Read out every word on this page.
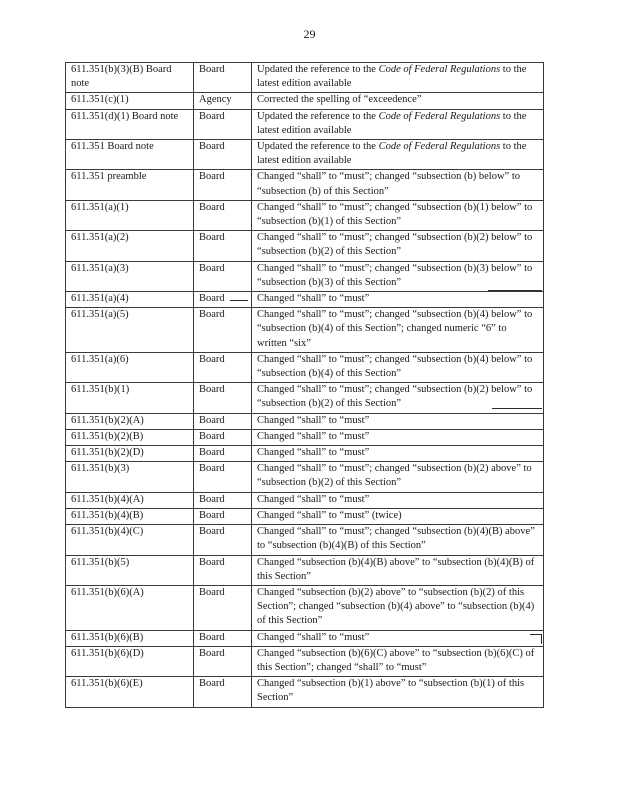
29
611.351(b)(3)(B) Board note	Board	Updated the reference to the Code of Federal Regulations to the latest edition available
611.351(c)(1)	Agency	Corrected the spelling of “exceedence”
611.351(d)(1) Board note	Board	Updated the reference to the Code of Federal Regulations to the latest edition available
611.351 Board note	Board	Updated the reference to the Code of Federal Regulations to the latest edition available
611.351 preamble	Board	Changed “shall” to “must”; changed “subsection (b) below” to “subsection (b) of this Section”
611.351(a)(1)	Board	Changed “shall” to “must”; changed “subsection (b)(1) below” to “subsection (b)(1) of this Section”
611.351(a)(2)	Board	Changed “shall” to “must”; changed “subsection (b)(2) below” to “subsection (b)(2) of this Section”
611.351(a)(3)	Board	Changed “shall” to “must”; changed “subsection (b)(3) below” to “subsection (b)(3) of this Section”
611.351(a)(4)	Board	Changed “shall” to “must”
611.351(a)(5)	Board	Changed “shall” to “must”; changed “subsection (b)(4) below” to “subsection (b)(4) of this Section”; changed numeric “6” to written “six”
611.351(a)(6)	Board	Changed “shall” to “must”; changed “subsection (b)(4) below” to “subsection (b)(4) of this Section”
611.351(b)(1)	Board	Changed “shall” to “must”; changed “subsection (b)(2) below” to “subsection (b)(2) of this Section”
611.351(b)(2)(A)	Board	Changed “shall” to “must”
611.351(b)(2)(B)	Board	Changed “shall” to “must”
611.351(b)(2)(D)	Board	Changed “shall” to “must”
611.351(b)(3)	Board	Changed “shall” to “must”; changed “subsection (b)(2) above” to “subsection (b)(2) of this Section”
611.351(b)(4)(A)	Board	Changed “shall” to “must”
611.351(b)(4)(B)	Board	Changed “shall” to “must” (twice)
611.351(b)(4)(C)	Board	Changed “shall” to “must”; changed “subsection (b)(4)(B) above” to “subsection (b)(4)(B) of this Section”
611.351(b)(5)	Board	Changed “subsection (b)(4)(B) above” to “subsection (b)(4)(B) of this Section”
611.351(b)(6)(A)	Board	Changed “subsection (b)(2) above” to “subsection (b)(2) of this Section”; changed “subsection (b)(4) above” to “subsection (b)(4) of this Section”
611.351(b)(6)(B)	Board	Changed “shall” to “must”
611.351(b)(6)(D)	Board	Changed “subsection (b)(6)(C) above” to “subsection (b)(6)(C) of this Section”; changed “shall” to “must”
611.351(b)(6)(E)	Board	Changed “subsection (b)(1) above” to “subsection (b)(1) of this Section”
